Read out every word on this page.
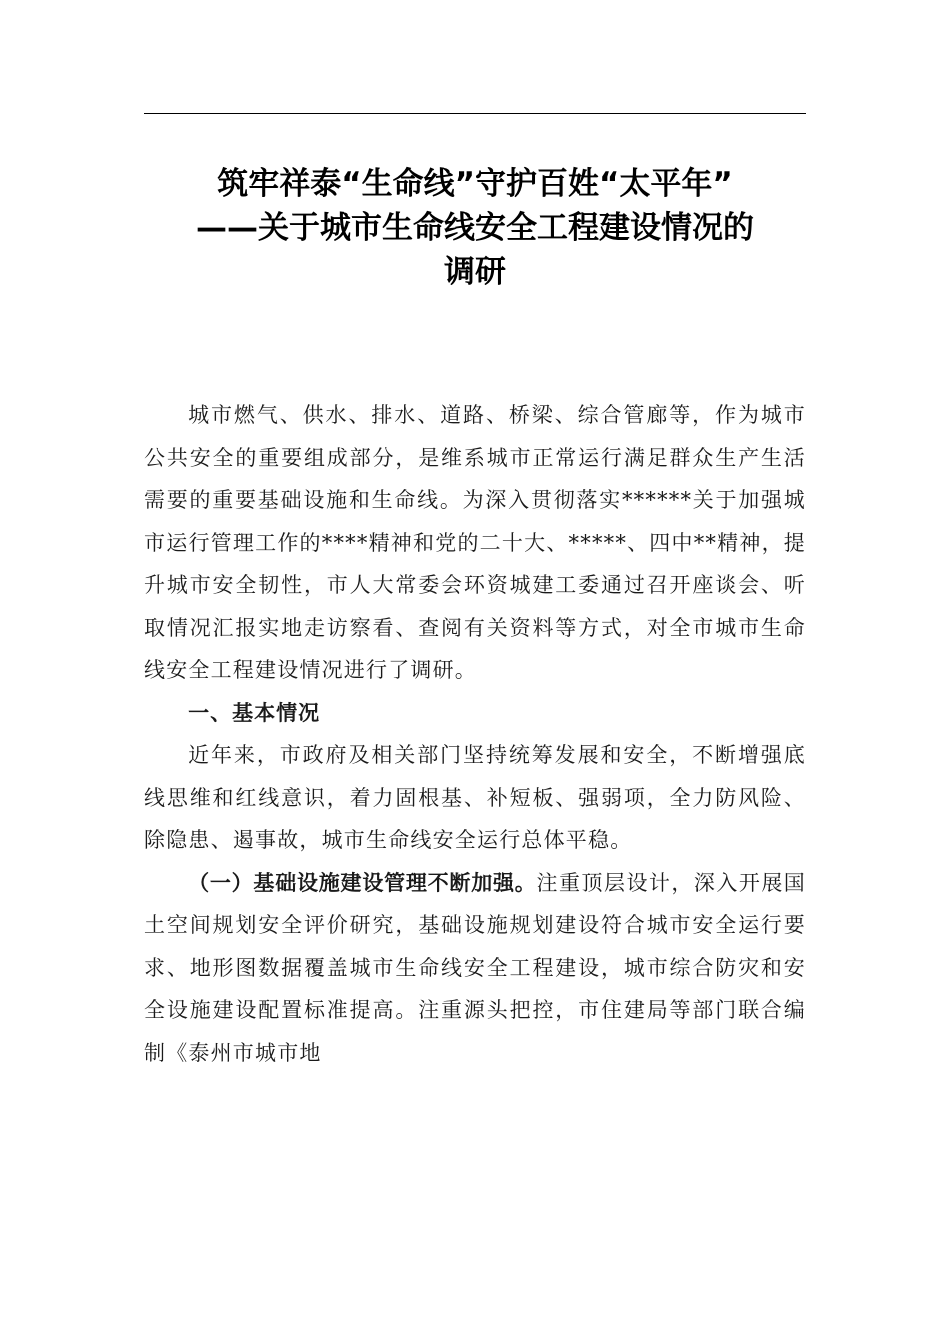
筑牢祥泰“生命线”守护百姓“太平年”
——关于城市生命线安全工程建设情况的
调研

城市燃气、供水、排水、道路、桥梁、综合管廊等，作为城市公共安全的重要组成部分，是维系城市正常运行满足群众生产生活需要的重要基础设施和生命线。为深入贯彻落实******关于加强城市运行管理工作的****精神和党的二十大、*****、四中**精神，提升城市安全韧性，市人大常委会环资城建工委通过召开座谈会、听取情况汇报实地走访察看、查阅有关资料等方式，对全市城市生命线安全工程建设情况进行了调研。

一、基本情况

近年来，市政府及相关部门坚持统筹发展和安全，不断增强底线思维和红线意识，着力固根基、补短板、强弱项，全力防风险、除隐患、遏事故，城市生命线安全运行总体平稳。

（一）基础设施建设管理不断加强。注重顶层设计，深入开展国土空间规划安全评价研究，基础设施规划建设符合城市安全运行要求、地形图数据覆盖城市生命线安全工程建设，城市综合防灾和安全设施建设配置标准提高。注重源头把控，市住建局等部门联合编制《泰州市城市地
